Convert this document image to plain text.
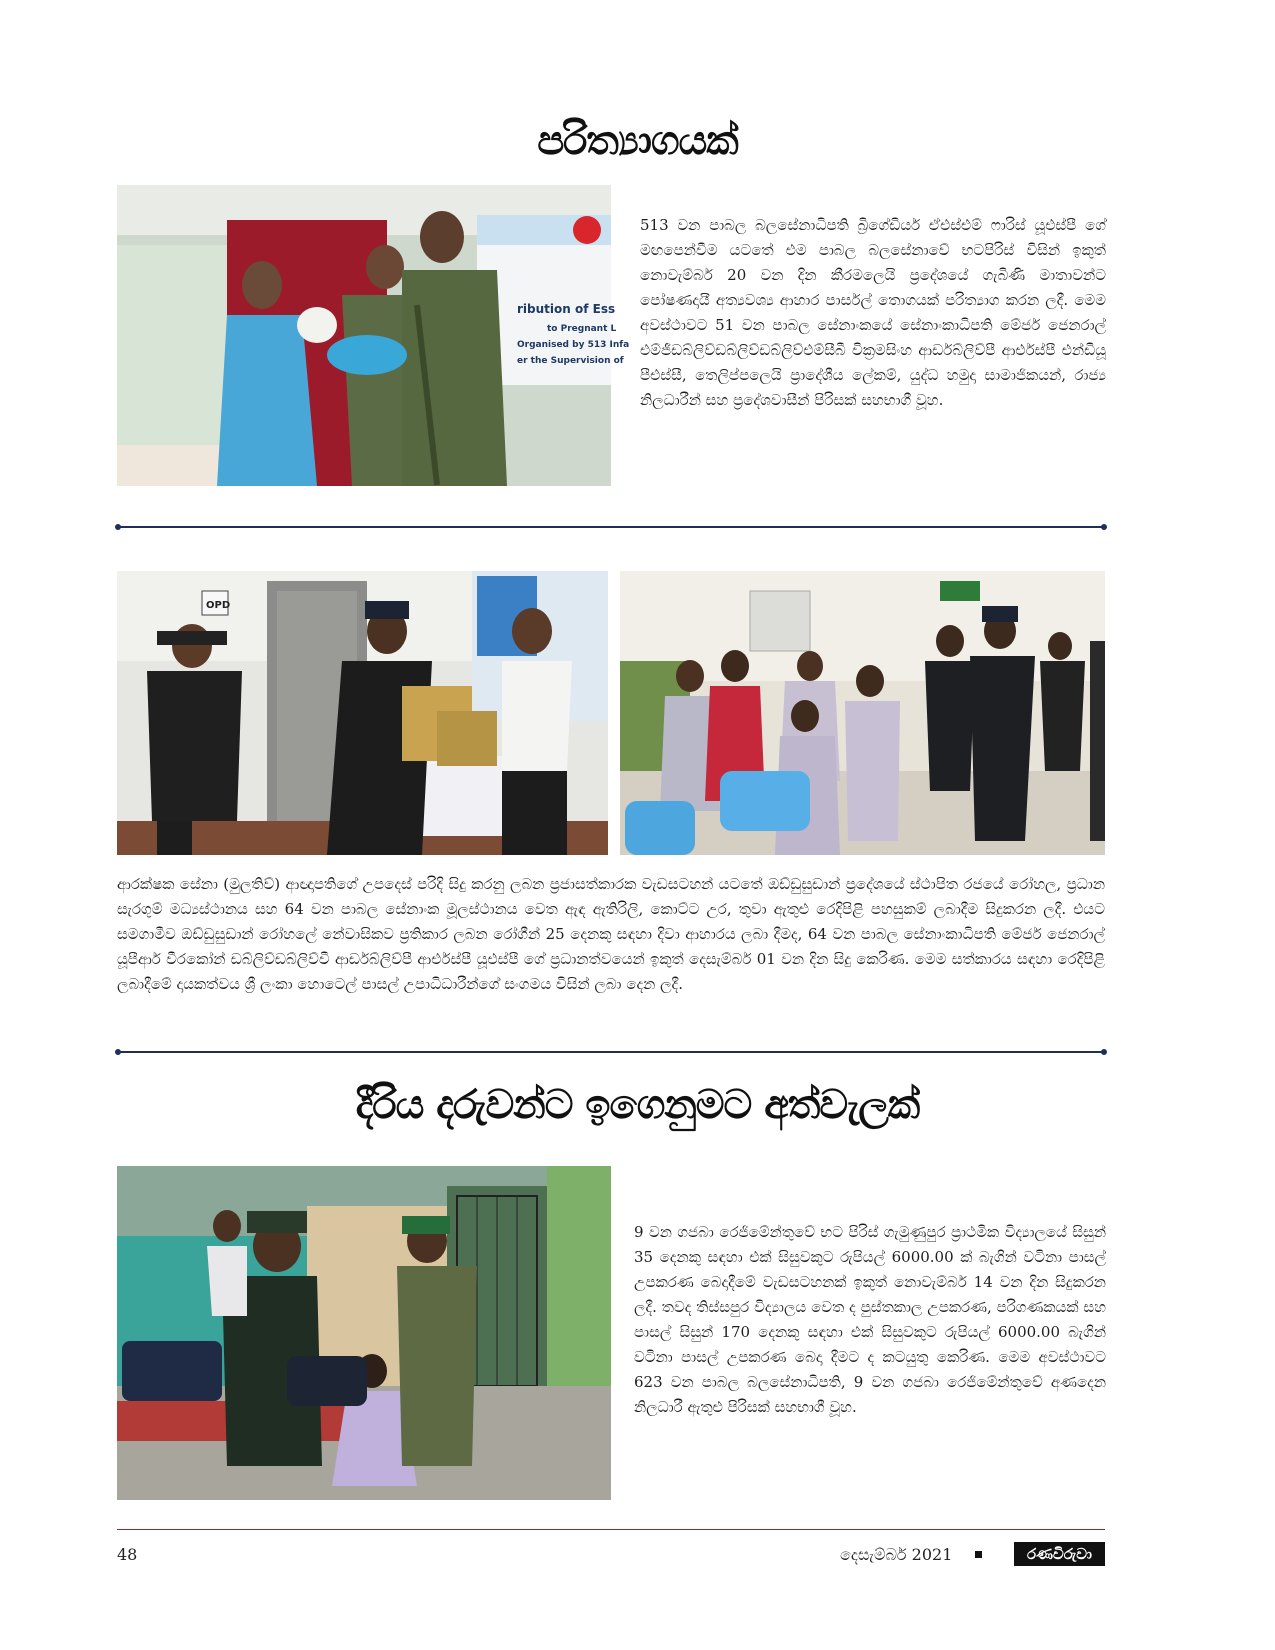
පරිත්‍යාගයක්
ribution of Ess
to Pregnant L
Organised by 513 Infa
er the Supervision of
513 වන පාබල බලසේනාධිපති බ්‍රිගේඩියර් ඒඑස්එම් ෆාරිස් යූඑස්පී ගේ මඟපෙන්වීම යටතේ එම පාබල බලසේනාවේ භටපිරිස් විසින් ඉකුත් නොවැම්බර් 20 වන දින කීරමලෙයි ප්‍රදේශයේ ගැබිණි මාතාවන්ට පෝෂණදායී අත්‍යවශ්‍ය ආහාර පාර්සල් තොගයක් පරිත්‍යාග කරන ලදී. මෙම අවස්ථාවට 51 වන පාබල සේනාංකයේ සේනාංකාධිපති මේජර් ජෙනරාල් එම්ජීඩබ්ලිව්ඩබ්ලිව්ඩබ්ලිව්එම්සීබී වික්‍රමසිංහ ආර්ඩබ්ලිව්පී ආර්එස්පී එන්ඩීයූ පීඑස්සී, තෙලිප්පලෙයි ප්‍රාදේශීය ලේකම්, යුද්ධ හමුදා සාමාජිකයන්, රාජ්‍ය නිලධාරීන් සහ ප්‍රදේශවාසීන් පිරිසක් සහභාගී වූහ.
OPD
ආරක්ෂක සේනා (මුලතිව්) ආඥාපතිගේ උපදෙස් පරිදි සිදු කරනු ලබන ප්‍රජාසත්කාරක වැඩසටහන් යටතේ ඔඩ්ඩුසුඩාන් ප්‍රදේශයේ ස්ථාපිත රජයේ රෝහල, ප්‍රධාන සැරගුම් මධ්‍යස්ථානය සහ 64 වන පාබල සේනාංක මූලස්ථානය වෙත ඇඳ ඇතිරිලි, කොට්ට උර, තුවා ඇතුළු රෙදිපිළි පහසුකම් ලබාදීම සිදුකරන ලදී. එයට සමගාමීව ඔඩ්ඩුසුඩාන් රෝහලේ නේවාසිකව ප්‍රතිකාර ලබන රෝගීන් 25 දෙනකු සඳහා දිවා ආහාරය ලබා දීමද, 64 වන පාබල සේනාංකාධිපති මේජර් ජෙනරාල් යූපීආර් වීරකෝන් ඩබ්ලිව්ඩබ්ලිව්වී ආර්ඩබ්ලිව්පී ආර්එස්පී යූඑස්පී ගේ ප්‍රධානත්වයෙන් ඉකුත් දෙසැම්බර් 01 වන දින සිදු කෙරිණ. මෙම සත්කාරය සඳහා රෙදිපිළි ලබාදීමේ දායකත්වය ශ්‍රී ලංකා හොටෙල් පාසල් උපාධිධාරීන්ගේ සංගමය විසින් ලබා දෙන ලදී.
දීරිය දරුවන්ට ඉගෙනුමට අත්වැලක්
9 වන ගජබා රෙජිමේන්තුවේ භට පිරිස් ගැමුණුපුර ප්‍රාථමික විද්‍යාලයේ සිසුන් 35 දෙනකු සඳහා එක් සිසුවකුට රුපියල් 6000.00 ක් බැගින් වටිනා පාසල් උපකරණ බෙදාදීමේ වැඩසටහනක් ඉකුත් නොවැම්බර් 14 වන දින සිදුකරන ලදී. තවද තිස්සපුර විද්‍යාලය වෙත ද පුස්තකාල උපකරණ, පරිගණකයක් සහ පාසල් සිසුන් 170 දෙනකු සඳහා එක් සිසුවකුට රුපියල් 6000.00 බැගින් වටිනා පාසල් උපකරණ බෙදා දීමට ද කටයුතු කෙරිණ. මෙම අවස්ථාවට 623 වන පාබල බලසේනාධිපති, 9 වන ගජබා රෙජිමේන්තුවේ අණදෙන නිලධාරී ඇතුළු පිරිසක් සහභාගී වූහ.
48	දෙසැම්බර් 2021	රණවිරුවා
